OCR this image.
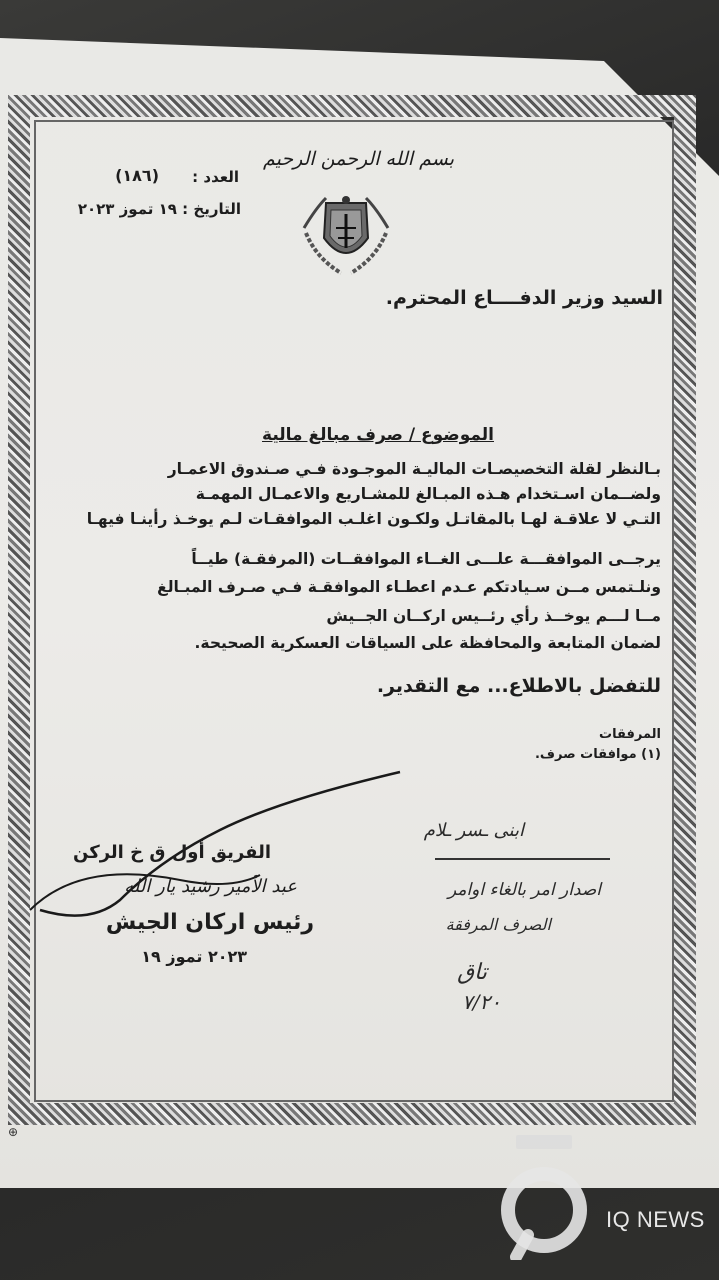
بسم الله الرحمن الرحيم
العدد :
(١٨٦)
التاريخ : ١٩ تموز ٢٠٢٣
السيد وزير الدفــــاع المحترم.
الموضوع / صرف مبالغ مالية
بـالنظر لقلة التخصيصـات الماليـة الموجـودة فـي صـندوق الاعمـار
ولضــمان اسـتخدام هـذه المبـالغ للمشـاريع والاعمـال المهمـة
التـي لا علاقـة لهـا بالمقاتـل ولكـون اغلـب الموافقـات لـم يوخـذ رأينـا فيهـا
يرجــى الموافقـــة علـــى الغــاء الموافقــات (المرفقـة) طيــاً
ونلـتمس مــن سـيادتكم عـدم اعطـاء الموافقـة فـي صـرف المبـالغ
مــا لـــم يوخــذ رأي رئــيس اركــان الجــيش
لضمان المتابعة والمحافظة على السياقات العسكرية الصحيحة.
للتفضل بالاطلاع... مع التقدير.
المرفقات
(١) موافقات صرف.
الفريق أول ق خ الركن
عبد الأمير رشيد يار الله
رئيس اركان الجيش
٢٠٢٣ تموز ١٩
ابنى ـسر ـلام
اصدار امر بالغاء اوامر
الصرف المرفقة
تاق
٧/٢٠
⊕
IQ NEWS
